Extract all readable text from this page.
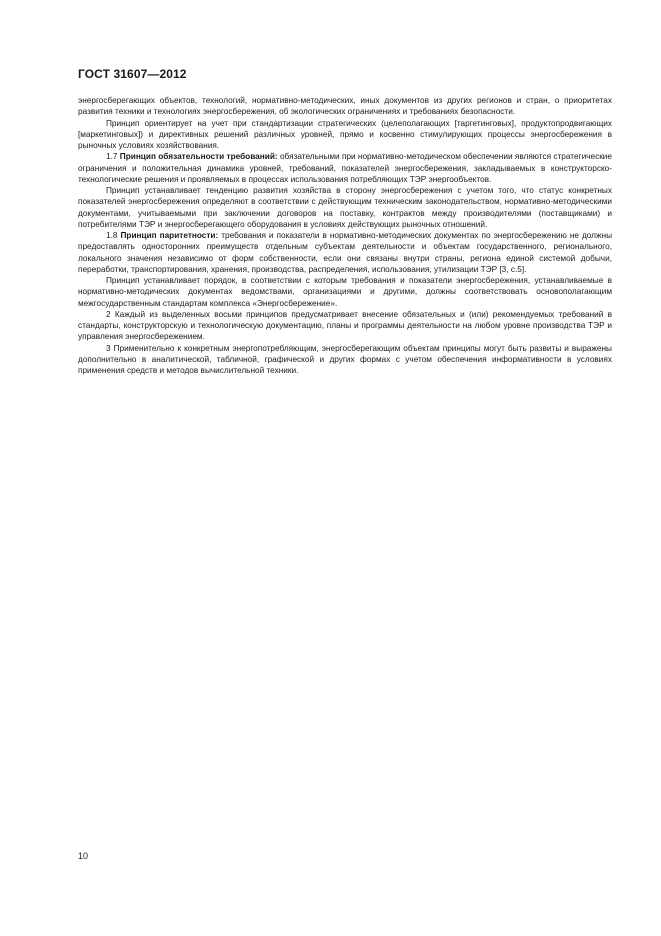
ГОСТ 31607—2012

энергосберегающих объектов, технологий, нормативно-методических, иных документов из других регионов и стран, о приоритетах развития техники и технологиях энергосбережения, об экологических ограничениях и требованиях безопасности.

Принцип ориентирует на учет при стандартизации стратегических (целеполагающих [таргетинговых], продуктопродвигающих [маркетинговых]) и директивных решений различных уровней, прямо и косвенно стимулирующих процессы энергосбережения в рыночных условиях хозяйствования.

1.7 Принцип обязательности требований: обязательными при нормативно-методическом обеспечении являются стратегические ограничения и положительная динамика уровней, требований, показателей энергосбережения, закладываемых в конструкторско-технологические решения и проявляемых в процессах использования потребляющих ТЭР энергообъектов.

Принцип устанавливает тенденцию развития хозяйства в сторону энергосбережения с учетом того, что статус конкретных показателей энергосбережения определяют в соответствии с действующим техническим законодательством, нормативно-методическими документами, учитываемыми при заключении договоров на поставку, контрактов между производителями (поставщиками) и потребителями ТЭР и энергосберегающего оборудования в условиях действующих рыночных отношений.

1.8 Принцип паритетности: требования и показатели в нормативно-методических документах по энергосбережению не должны предоставлять односторонних преимуществ отдельным субъектам деятельности и объектам государственного, регионального, локального значения независимо от форм собственности, если они связаны внутри страны, региона единой системой добычи, переработки, транспортирования, хранения, производства, распределения, использования, утилизации ТЭР [3, с.5].

Принцип устанавливает порядок, в соответствии с которым требования и показатели энергосбережения, устанавливаемые в нормативно-методических документах ведомствами, организациями и другими, должны соответствовать основополагающим межгосударственным стандартам комплекса «Энергосбережение».

2 Каждый из выделенных восьми принципов предусматривает внесение обязательных и (или) рекомендуемых требований в стандарты, конструкторскую и технологическую документацию, планы и программы деятельности на любом уровне производства ТЭР и управления энергосбережением.

3 Применительно к конкретным энергопотребляющим, энергосберегающим объектам принципы могут быть развиты и выражены дополнительно в аналитической, табличной, графической и других формах с учетом обеспечения информативности в условиях применения средств и методов вычислительной техники.

10
